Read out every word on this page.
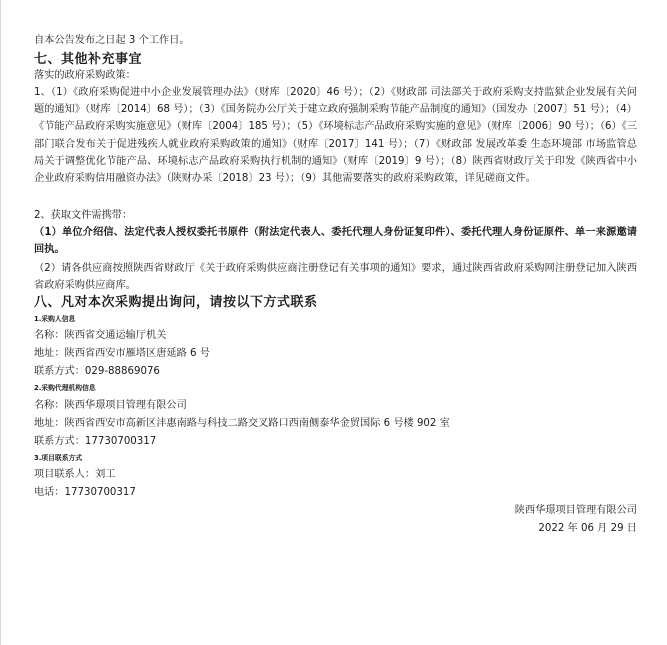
自本公告发布之日起 3 个工作日。
七、其他补充事宜
落实的政府采购政策：
1、（1）《政府采购促进中小企业发展管理办法》（财库〔2020〕46 号）；（2）《财政部 司法部关于政府采购支持监狱企业发展有关问题的通知》（财库〔2014〕68 号）；（3）《国务院办公厅关于建立政府强制采购节能产品制度的通知》（国发办〔2007〕51 号）；（4）《节能产品政府采购实施意见》（财库〔2004〕185 号）；（5）《环境标志产品政府采购实施的意见》（财库〔2006〕90 号）；（6）《三部门联合发布关于促进残疾人就业政府采购政策的通知》（财库〔2017〕141 号）；（7）《财政部 发展改革委 生态环境部 市场监管总局关于调整优化节能产品、环境标志产品政府采购执行机制的通知》（财库〔2019〕9 号）；（8）陕西省财政厅关于印发《陕西省中小企业政府采购信用融资办法》（陕财办采〔2018〕23 号）；（9）其他需要落实的政府采购政策，详见磋商文件。
2、获取文件需携带：
（1）单位介绍信、法定代表人授权委托书原件（附法定代表人、委托代理人身份证复印件）、委托代理人身份证原件、单一来源邀请回执。
（2）请各供应商按照陕西省财政厅《关于政府采购供应商注册登记有关事项的通知》要求，通过陕西省政府采购网注册登记加入陕西省政府采购供应商库。
八、凡对本次采购提出询问，请按以下方式联系
1.采购人信息
名称：陕西省交通运输厅机关
地址：陕西省西安市雁塔区唐延路 6 号
联系方式：029-88869076
2.采购代理机构信息
名称：陕西华璟项目管理有限公司
地址：陕西省西安市高新区沣惠南路与科技二路交叉路口西南侧泰华金贸国际 6 号楼 902 室
联系方式：17730700317
3.项目联系方式
项目联系人：刘工
电话：17730700317
陕西华璟项目管理有限公司
2022 年 06 月 29 日
